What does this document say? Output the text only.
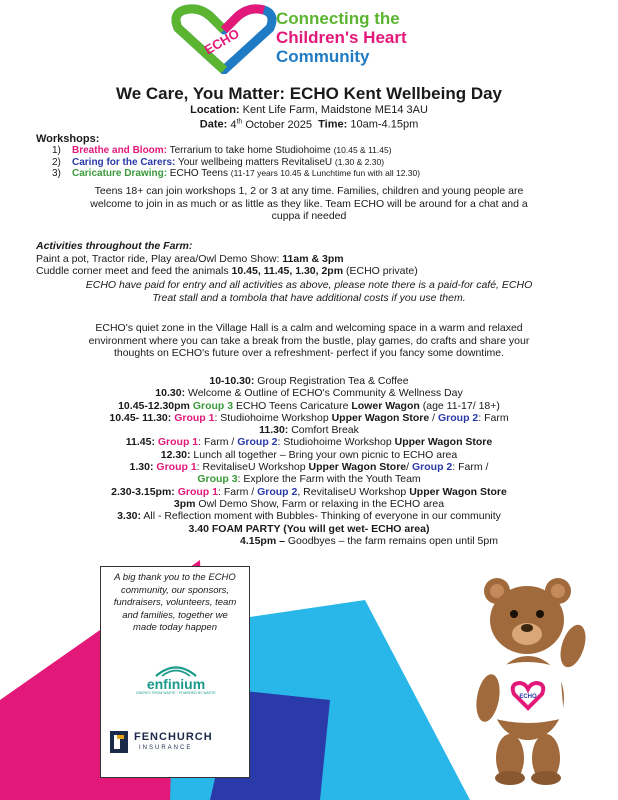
ECHO
Connecting the
Children's Heart
Community
We Care, You Matter: ECHO Kent Wellbeing Day
Location: Kent Life Farm, Maidstone ME14 3AU
Date: 4th October 2025 Time: 10am-4.15pm
Workshops:
1) Breathe and Bloom: Terrarium to take home Studiohoime (10.45 & 11.45)
2) Caring for the Carers: Your wellbeing matters RevitaliseU (1.30 & 2.30)
3) Caricature Drawing: ECHO Teens (11-17 years 10.45 & Lunchtime fun with all 12.30)
Teens 18+ can join workshops 1, 2 or 3 at any time. Families, children and young people are
welcome to join in as much or as little as they like. Team ECHO will be around for a chat and a
cuppa if needed
Activities throughout the Farm:
Paint a pot, Tractor ride, Play area/Owl Demo Show: 11am & 3pm
Cuddle corner meet and feed the animals 10.45, 11.45, 1.30, 2pm (ECHO private)
ECHO have paid for entry and all activities as above, please note there is a paid-for café, ECHO
Treat stall and a tombola that have additional costs if you use them.
ECHO's quiet zone in the Village Hall is a calm and welcoming space in a warm and relaxed
environment where you can take a break from the bustle, play games, do crafts and share your
thoughts on ECHO's future over a refreshment- perfect if you fancy some downtime.
10-10.30: Group Registration Tea & Coffee
10.30: Welcome & Outline of ECHO's Community & Wellness Day
10.45-12.30pm Group 3 ECHO Teens Caricature Lower Wagon (age 11-17/ 18+)
10.45- 11.30: Group 1: Studiohoime Workshop Upper Wagon Store / Group 2: Farm
11.30: Comfort Break
11.45: Group 1: Farm / Group 2: Studiohoime Workshop Upper Wagon Store
12.30: Lunch all together – Bring your own picnic to ECHO area
1.30: Group 1: RevitaliseU Workshop Upper Wagon Store/ Group 2: Farm /
Group 3: Explore the Farm with the Youth Team
2.30-3.15pm: Group 1: Farm / Group 2, RevitaliseU Workshop Upper Wagon Store
3pm Owl Demo Show, Farm or relaxing in the ECHO area
3.30: All - Reflection moment with Bubbles- Thinking of everyone in our community
3.40 FOAM PARTY (You will get wet- ECHO area)
4.15pm – Goodbyes – the farm remains open until 5pm
A big thank you to the ECHO
community, our sponsors,
fundraisers, volunteers, team
and families, together we
made today happen
enfinium
ENERGY FROM WASTE · POWERED BY WASTE
FENCHURCH
INSURANCE
ECHO
